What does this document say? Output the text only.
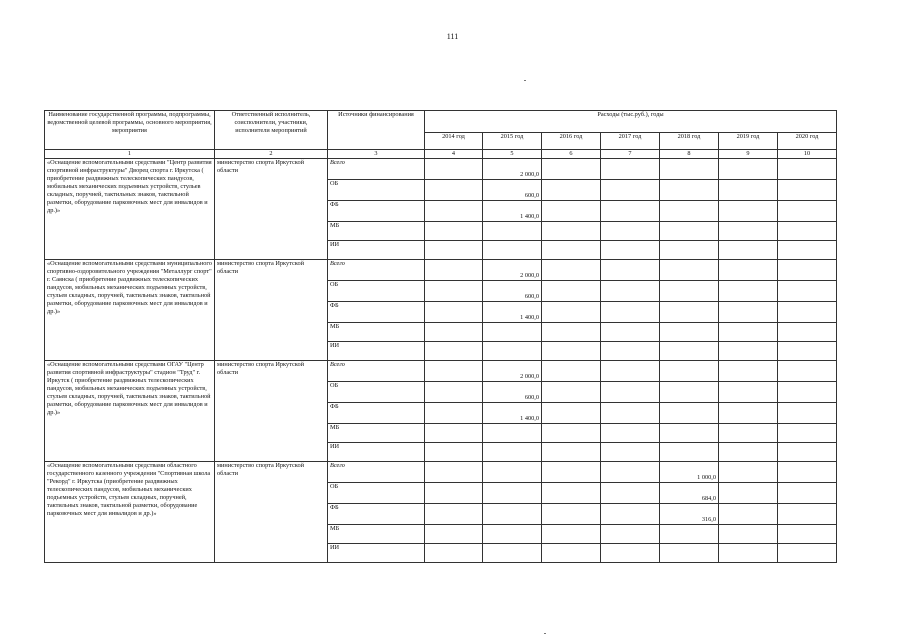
111
Наименование государственной программы, подпрограммы, ведомственной целевой программы, основного мероприятия, мероприятия	Ответственный исполнитель, соисполнители, участники, исполнители мероприятий	Источники финансирования	Расходы (тыс.руб.), годы						
			2014 год	2015 год	2016 год	2017 год	2018 год	2019 год	2020 год
1	2	3	4	5	6	7	8	9	10
«Оснащение вспомогательными средствами "Центр развития спортивной инфраструктуры" Дворец спорта г. Иркутска ( приобретение раздвижных телескопических пандусов, мобильных механических подъемных устройств, стульев складных, поручней, тактильных знаков, тактильной разметки, оборудование парковочных мест для инвалидов и др.)»	министерство спорта Иркутской области	Всего		2 000,0					

		ОБ		600,0					

		ФБ		1 400,0					

		МБ	

		ИИ	

«Оснащение вспомогательными средствами муниципального спортивно-оздоровительного учреждения "Металлург спорт" г. Саянска ( приобретение раздвижных телескопических пандусов, мобильных механических подъемных устройств, стульев складных, поручней, тактильных знаков, тактильной разметки, оборудование парковочных мест для инвалидов и др.)»	министерство спорта Иркутской области	Всего		2 000,0					

		ОБ		600,0					

		ФБ		1 400,0					

		МБ	

		ИИ	

«Оснащение вспомогательными средствами ОГАУ "Центр развития спортивной инфраструктуры" стадион "Труд" г. Иркутск ( приобретение раздвижных телескопических пандусов, мобильных механических подъемных устройств, стульев складных, поручней, тактильных знаков, тактильной разметки, оборудование парковочных мест для инвалидов и др.)»	министерство спорта Иркутской области	Всего		2 000,0					

		ОБ		600,0					

		ФБ		1 400,0					

		МБ	

		ИИ	

«Оснащение вспомогательными средствами областного государственного казенного учреждения "Спортивная школа "Рекорд" г. Иркутска (приобретение раздвижных телескопических пандусов, мобильных механических подъемных устройств, стульев складных, поручней, тактильных знаков, тактильной разметки, оборудование парковочных мест для инвалидов и др.)»	министерство спорта Иркутской области	Всего					1 000,0		

		ОБ					684,0		

		ФБ					316,0		

		МБ	

		ИИ	
